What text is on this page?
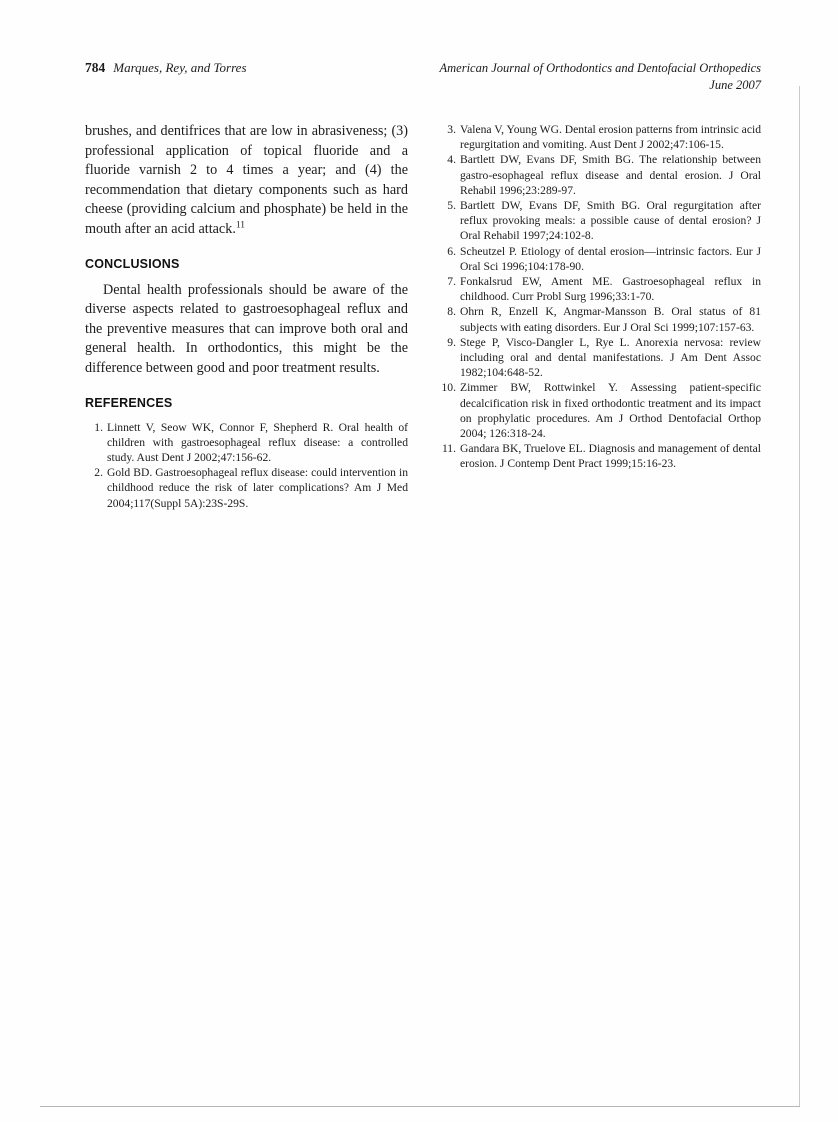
784 Marques, Rey, and Torres	American Journal of Orthodontics and Dentofacial Orthopedics
June 2007

brushes, and dentifrices that are low in abrasiveness; (3) professional application of topical fluoride and a fluoride varnish 2 to 4 times a year; and (4) the recommendation that dietary components such as hard cheese (providing calcium and phosphate) be held in the mouth after an acid attack.$^{11}$

CONCLUSIONS

Dental health professionals should be aware of the diverse aspects related to gastroesophageal reflux and the preventive measures that can improve both oral and general health. In orthodontics, this might be the difference between good and poor treatment results.

REFERENCES
1. Linnett V, Seow WK, Connor F, Shepherd R. Oral health of children with gastroesophageal reflux disease: a controlled study. Aust Dent J 2002;47:156-62.
2. Gold BD. Gastroesophageal reflux disease: could intervention in childhood reduce the risk of later complications? Am J Med 2004;117(Suppl 5A):23S-29S.
3. Valena V, Young WG. Dental erosion patterns from intrinsic acid regurgitation and vomiting. Aust Dent J 2002;47:106-15.
4. Bartlett DW, Evans DF, Smith BG. The relationship between gastro-esophageal reflux disease and dental erosion. J Oral Rehabil 1996;23:289-97.
5. Bartlett DW, Evans DF, Smith BG. Oral regurgitation after reflux provoking meals: a possible cause of dental erosion? J Oral Rehabil 1997;24:102-8.
6. Scheutzel P. Etiology of dental erosion—intrinsic factors. Eur J Oral Sci 1996;104:178-90.
7. Fonkalsrud EW, Ament ME. Gastroesophageal reflux in childhood. Curr Probl Surg 1996;33:1-70.
8. Ohrn R, Enzell K, Angmar-Mansson B. Oral status of 81 subjects with eating disorders. Eur J Oral Sci 1999;107:157-63.
9. Stege P, Visco-Dangler L, Rye L. Anorexia nervosa: review including oral and dental manifestations. J Am Dent Assoc 1982;104:648-52.
10. Zimmer BW, Rottwinkel Y. Assessing patient-specific decalcification risk in fixed orthodontic treatment and its impact on prophylatic procedures. Am J Orthod Dentofacial Orthop 2004; 126:318-24.
11. Gandara BK, Truelove EL. Diagnosis and management of dental erosion. J Contemp Dent Pract 1999;15:16-23.
